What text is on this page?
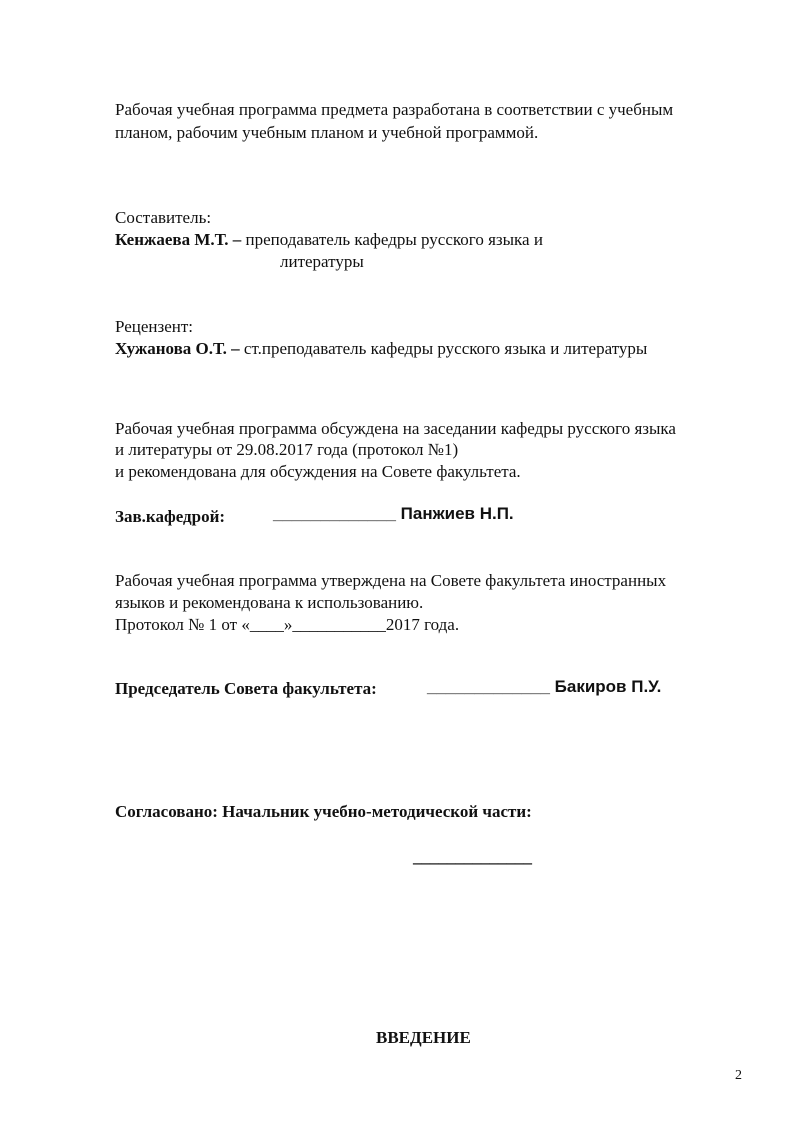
Рабочая учебная программа предмета разработана в соответствии с учебным
планом, рабочим учебным планом и учебной программой.
Составитель:
Кенжаева М.Т. – преподаватель кафедры русского языка и
литературы
Рецензент:
Хужанова О.Т. – ст.преподаватель кафедры русского языка и литературы
Рабочая учебная программа обсуждена на заседании кафедры русского языка
и литературы от 29.08.2017 года (протокол №1)
и рекомендована для обсуждения на Совете факультета.
Зав.кафедрой:	_____________ Панжиев Н.П.
Рабочая учебная программа утверждена на Совете факультета иностранных
языков и рекомендована к использованию.
Протокол № 1 от «____»___________2017 года.
Председатель Совета факультета:	_____________ Бакиров П.У.
Согласовано: Начальник учебно-методической части:
______________
ВВЕДЕНИЕ
2
